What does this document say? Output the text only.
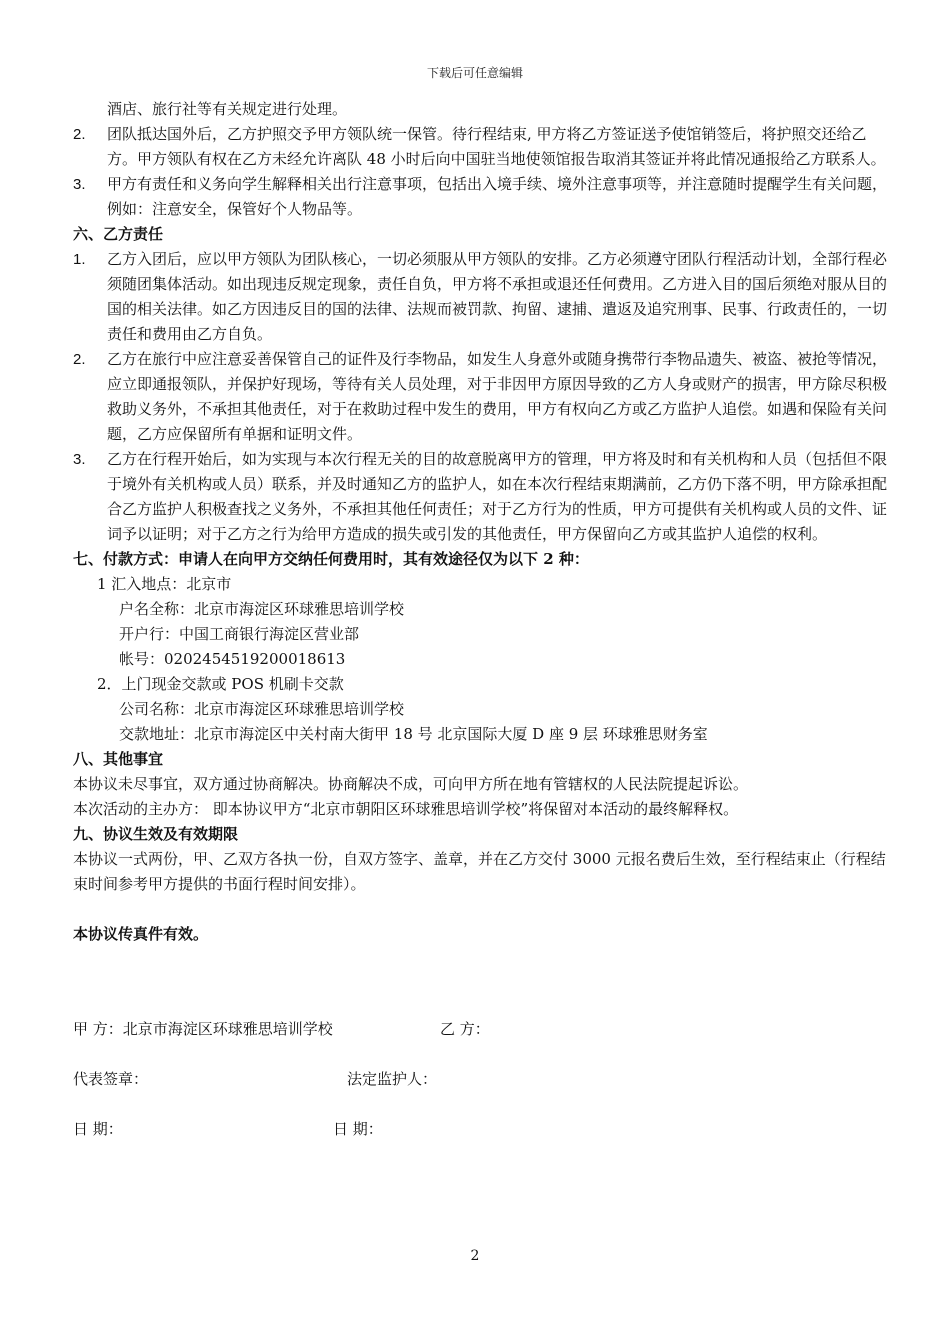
下载后可任意编辑

酒店、旅行社等有关规定进行处理。

2.	团队抵达国外后，乙方护照交予甲方领队统一保管。待行程结束, 甲方将乙方签证送予使馆销签后，将护照交还给乙方。甲方领队有权在乙方未经允许离队 48 小时后向中国驻当地使领馆报告取消其签证并将此情况通报给乙方联系人。
3.	甲方有责任和义务向学生解释相关出行注意事项，包括出入境手续、境外注意事项等，并注意随时提醒学生有关问题，例如：注意安全，保管好个人物品等。

六、乙方责任

1.	乙方入团后，应以甲方领队为团队核心，一切必须服从甲方领队的安排。乙方必须遵守团队行程活动计划，全部行程必须随团集体活动。如出现违反规定现象，责任自负，甲方将不承担或退还任何费用。乙方进入目的国后须绝对服从目的国的相关法律。如乙方因违反目的国的法律、法规而被罚款、拘留、逮捕、遣返及追究刑事、民事、行政责任的，一切责任和费用由乙方自负。
2.	乙方在旅行中应注意妥善保管自己的证件及行李物品，如发生人身意外或随身携带行李物品遗失、被盗、被抢等情况，应立即通报领队，并保护好现场，等待有关人员处理，对于非因甲方原因导致的乙方人身或财产的损害，甲方除尽积极救助义务外，不承担其他责任，对于在救助过程中发生的费用，甲方有权向乙方或乙方监护人追偿。如遇和保险有关问题，乙方应保留所有单据和证明文件。
3.	乙方在行程开始后，如为实现与本次行程无关的目的故意脱离甲方的管理，甲方将及时和有关机构和人员（包括但不限于境外有关机构或人员）联系，并及时通知乙方的监护人，如在本次行程结束期满前，乙方仍下落不明，甲方除承担配合乙方监护人积极查找之义务外，不承担其他任何责任；对于乙方行为的性质，甲方可提供有关机构或人员的文件、证词予以证明；对于乙方之行为给甲方造成的损失或引发的其他责任，甲方保留向乙方或其监护人追偿的权利。

七、付款方式：申请人在向甲方交纳任何费用时，其有效途径仅为以下 2 种：

1 汇入地点：北京市

户名全称：北京市海淀区环球雅思培训学校

开户行：中国工商银行海淀区营业部

帐号：0202454519200018613

2．上门现金交款或 POS 机刷卡交款

公司名称：北京市海淀区环球雅思培训学校

交款地址：北京市海淀区中关村南大街甲 18 号 北京国际大厦 D 座 9 层 环球雅思财务室

八、其他事宜

本协议未尽事宜，双方通过协商解决。协商解决不成，可向甲方所在地有管辖权的人民法院提起诉讼。

本次活动的主办方： 即本协议甲方“北京市朝阳区环球雅思培训学校”将保留对本活动的最终解释权。

九、协议生效及有效期限

本协议一式两份，甲、乙双方各执一份，自双方签字、盖章，并在乙方交付 3000 元报名费后生效，至行程结束止（行程结束时间参考甲方提供的书面行程时间安排）。

本协议传真件有效。

甲 方：北京市海淀区环球雅思培训学校	乙 方：
代表签章：	法定监护人：
日 期：	日 期：
2
